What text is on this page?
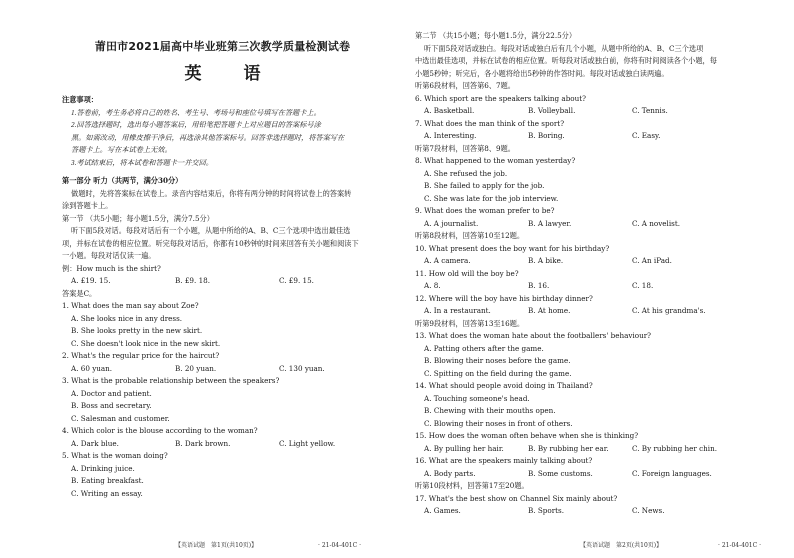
莆田市2021届高中毕业班第三次教学质量检测试卷
英 语
注意事项：
1.答卷前，考生务必将自己的姓名、考生号、考场号和座位号填写在答题卡上。
2.回答选择题时，选出每小题答案后，用铅笔把答题卡上对应题目的答案标号涂
黑。如需改动，用橡皮擦干净后，再选涂其他答案标号。回答非选择题时，将答案写在
答题卡上。写在本试卷上无效。
3.考试结束后，将本试卷和答题卡一并交回。
第一部分 听力（共两节，满分30分）
做题时，先将答案标在试卷上。录音内容结束后，你将有两分钟的时间将试卷上的答案转
涂到答题卡上。
第一节 （共5小题；每小题1.5分，满分7.5分）
听下面5段对话。每段对话后有一个小题，从题中所给的A、B、C三个选项中选出最佳选
项，并标在试卷的相应位置。听完每段对话后，你都有10秒钟的时间来回答有关小题和阅读下
一小题。每段对话仅读一遍。
例：How much is the shirt?
A. £19. 15.	B. £9. 18.	C. £9. 15.
答案是C。
1. What does the man say about Zoe?
A. She looks nice in any dress.
B. She looks pretty in the new skirt.
C. She doesn't look nice in the new skirt.
2. What's the regular price for the haircut?
A. 60 yuan.	B. 20 yuan.	C. 130 yuan.
3. What is the probable relationship between the speakers?
A. Doctor and patient.
B. Boss and secretary.
C. Salesman and customer.
4. Which color is the blouse according to the woman?
A. Dark blue.	B. Dark brown.	C. Light yellow.
5. What is the woman doing?
A. Drinking juice.
B. Eating breakfast.
C. Writing an essay.
第二节 （共15小题；每小题1.5分，满分22.5分）
听下面5段对话或独白。每段对话或独白后有几个小题，从题中所给的A、B、C三个选项
中选出最佳选项，并标在试卷的相应位置。听每段对话或独白前，你将有时间阅读各个小题，每
小题5秒钟；听完后，各小题将给出5秒钟的作答时间。每段对话或独白读两遍。
听第6段材料，回答第6、7题。
6. Which sport are the speakers talking about?
A. Basketball.	B. Volleyball.	C. Tennis.
7. What does the man think of the sport?
A. Interesting.	B. Boring.	C. Easy.
听第7段材料，回答第8、9题。
8. What happened to the woman yesterday?
A. She refused the job.
B. She failed to apply for the job.
C. She was late for the job interview.
9. What does the woman prefer to be?
A. A journalist.	B. A lawyer.	C. A novelist.
听第8段材料，回答第10至12题。
10. What present does the boy want for his birthday?
A. A camera.	B. A bike.	C. An iPad.
11. How old will the boy be?
A. 8.	B. 16.	C. 18.
12. Where will the boy have his birthday dinner?
A. In a restaurant.	B. At home.	C. At his grandma's.
听第9段材料，回答第13至16题。
13. What does the woman hate about the footballers' behaviour?
A. Patting others after the game.
B. Blowing their noses before the game.
C. Spitting on the field during the game.
14. What should people avoid doing in Thailand?
A. Touching someone's head.
B. Chewing with their mouths open.
C. Blowing their noses in front of others.
15. How does the woman often behave when she is thinking?
A. By pulling her hair.	B. By rubbing her ear.	C. By rubbing her chin.
16. What are the speakers mainly talking about?
A. Body parts.	B. Some customs.	C. Foreign languages.
听第10段材料，回答第17至20题。
17. What's the best show on Channel Six mainly about?
A. Games.	B. Sports.	C. News.
【英语试题　第1页(共10页)】	· 21-04-401C ·	【英语试题　第2页(共10页)】	· 21-04-401C ·
